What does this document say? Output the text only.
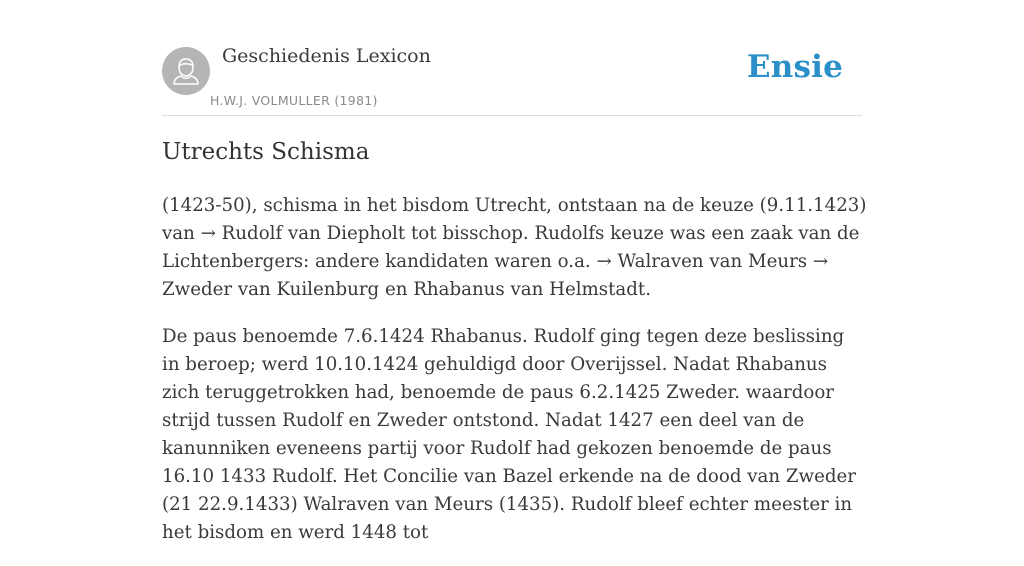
Geschiedenis Lexicon
H.W.J. VOLMULLER (1981)
Ensie
Utrechts Schisma

(1423-50), schisma in het bisdom Utrecht, ontstaan na de keuze (9.11.1423) van → Rudolf van Diepholt tot bisschop. Rudolfs keuze was een zaak van de Lichtenbergers: andere kandidaten waren o.a. → Walraven van Meurs → Zweder van Kuilenburg en Rhabanus van Helmstadt.

De paus benoemde 7.6.1424 Rhabanus. Rudolf ging tegen deze beslissing in beroep; werd 10.10.1424 gehuldigd door Overijssel. Nadat Rhabanus zich teruggetrokken had, benoemde de paus 6.2.1425 Zweder. waardoor strijd tussen Rudolf en Zweder ontstond. Nadat 1427 een deel van de kanunniken eveneens partij voor Rudolf had gekozen benoemde de paus 16.10 1433 Rudolf. Het Concilie van Bazel erkende na de dood van Zweder (21 22.9.1433) Walraven van Meurs (1435). Rudolf bleef echter meester in het bisdom en werd 1448 tot
